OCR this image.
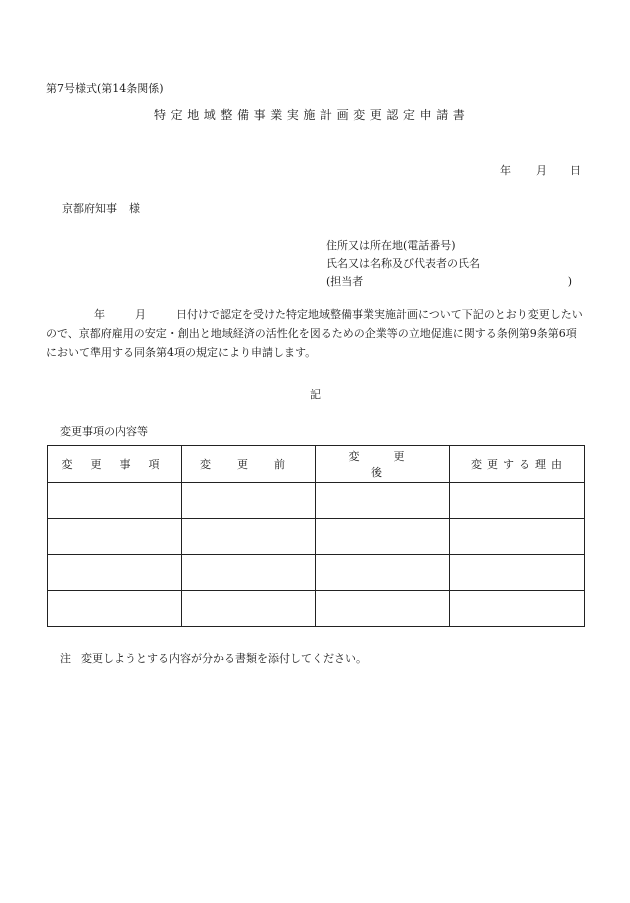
第7号様式(第14条関係)
特定地域整備事業実施計画変更認定申請書
年 月 日
京都府知事 様
住所又は所在地(電話番号)
氏名又は名称及び代表者の氏名
(担当者	)
年	月	日付けで認定を受けた特定地域整備事業実施計画について下記のとおり変更したいので、京都府雇用の安定・創出と地域経済の活性化を図るための企業等の立地促進に関する条例第9条第6項において準用する同条第4項の規定により申請します。
記
変更事項の内容等
変更事項	変更前	変更後	変更する理由

注 変更しようとする内容が分かる書類を添付してください。
